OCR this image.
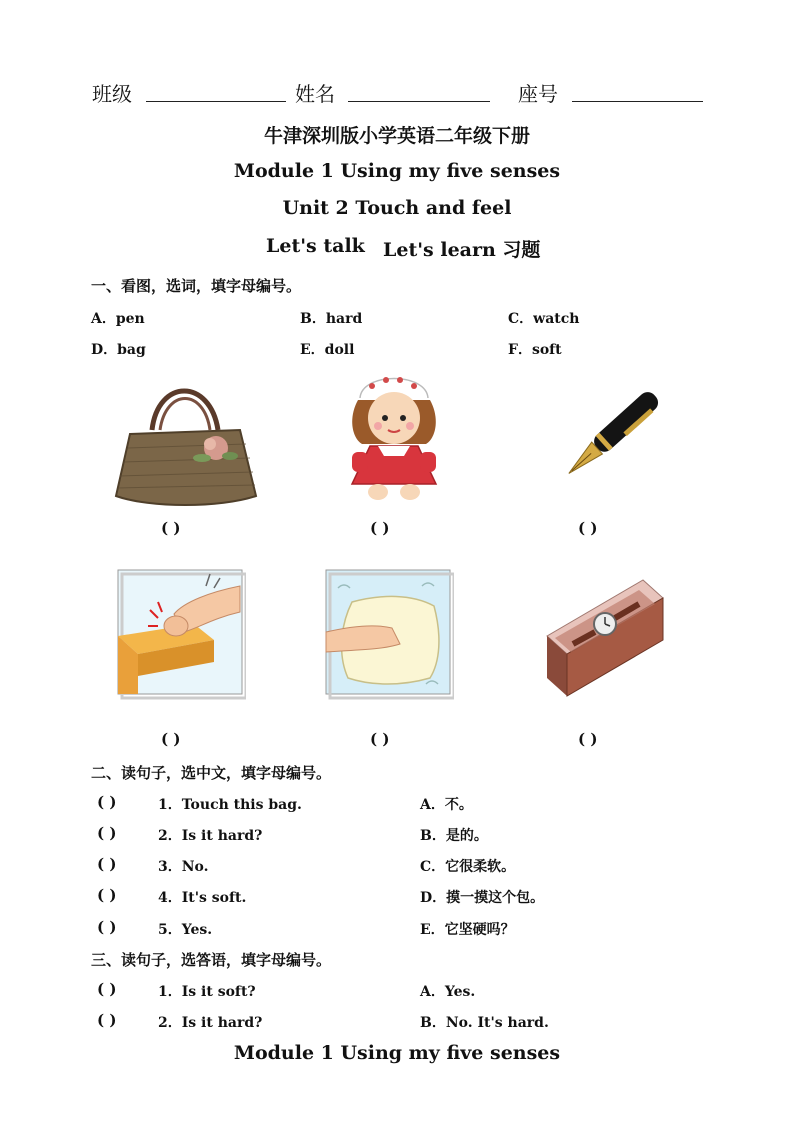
班级	姓名	座号
牛津深圳版小学英语二年级下册
Module 1 Using my five senses
Unit 2 Touch and feel
Let's talk Let's learn 习题
一、看图，选词，填字母编号。
A．pen	B．hard	C．watch
D．bag	E．doll	F．soft
( )	( )	( )
( )	( )	( )
二、读句子，选中文，填字母编号。
( )	1．Touch this bag.	A．不。
( )	2．Is it hard?	B．是的。
( )	3．No.	C．它很柔软。
( )	4．It's soft.	D．摸一摸这个包。
( )	5．Yes.	E．它坚硬吗？
三、读句子，选答语，填字母编号。
( )	1．Is it soft?	A．Yes.
( )	2．Is it hard?	B．No. It's hard.
Module 1 Using my five senses
